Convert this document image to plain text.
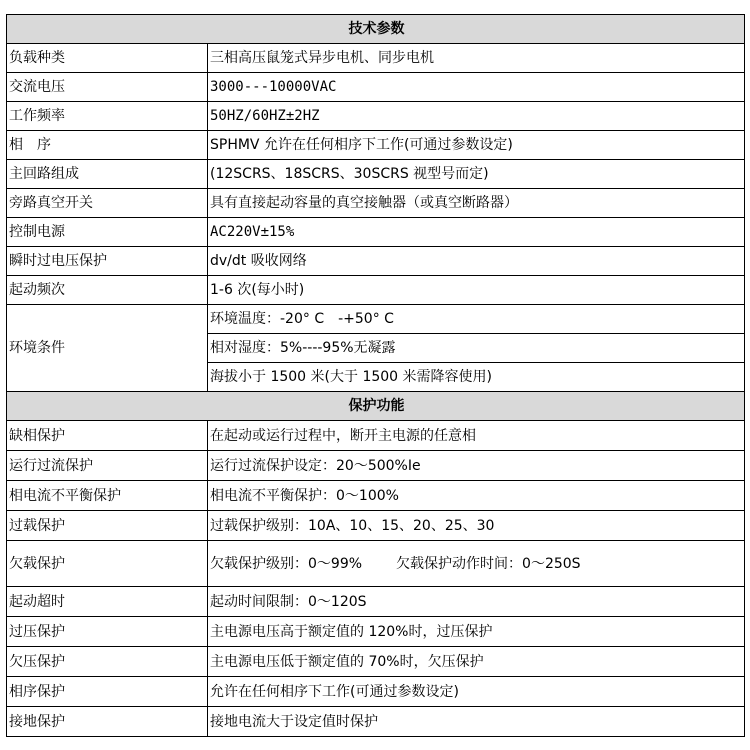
技术参数	
负载种类	三相高压鼠笼式异步电机、同步电机
交流电压	3000---10000VAC
工作频率	50HZ/60HZ±2HZ
相　序	SPHMV 允许在任何相序下工作(可通过参数设定)
主回路组成	(12SCRS、18SCRS、30SCRS 视型号而定)
旁路真空开关	具有直接起动容量的真空接触器（或真空断路器）
控制电源	AC220V±15%
瞬时过电压保护	dv/dt 吸收网络
起动频次	1-6 次(每小时)
环境条件	环境温度：-20° C　-+50° C
	相对湿度：5%----95%无凝露
	海拔小于 1500 米(大于 1500 米需降容使用)
保护功能	
缺相保护	在起动或运行过程中，断开主电源的任意相
运行过流保护	运行过流保护设定：20～500%Ie
相电流不平衡保护	相电流不平衡保护：0～100%
过载保护	过载保护级别：10A、10、15、20、25、30
欠载保护	欠载保护级别：0～99% 欠载保护动作时间：0～250S
起动超时	起动时间限制：0～120S
过压保护	主电源电压高于额定值的 120%时，过压保护
欠压保护	主电源电压低于额定值的 70%时，欠压保护
相序保护	允许在任何相序下工作(可通过参数设定)
接地保护	接地电流大于设定值时保护
